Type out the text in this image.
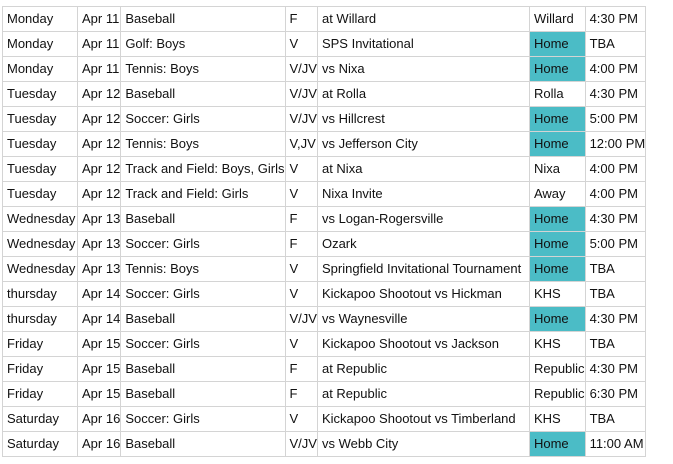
Monday	Apr 11	Baseball	F	at Willard	Willard	4:30 PM
Monday	Apr 11	Golf: Boys	V	SPS Invitational	Home	TBA
Monday	Apr 11	Tennis: Boys	V/JV	vs Nixa	Home	4:00 PM
Tuesday	Apr 12	Baseball	V/JV	at Rolla	Rolla	4:30 PM
Tuesday	Apr 12	Soccer: Girls	V/JV	vs Hillcrest	Home	5:00 PM
Tuesday	Apr 12	Tennis: Boys	V,JV	vs Jefferson City	Home	12:00 PM
Tuesday	Apr 12	Track and Field: Boys, Girls	V	at Nixa	Nixa	4:00 PM
Tuesday	Apr 12	Track and Field: Girls	V	Nixa Invite	Away	4:00 PM
Wednesday	Apr 13	Baseball	F	vs Logan-Rogersville	Home	4:30 PM
Wednesday	Apr 13	Soccer: Girls	F	Ozark	Home	5:00 PM
Wednesday	Apr 13	Tennis: Boys	V	Springfield Invitational Tournament	Home	TBA
thursday	Apr 14	Soccer: Girls	V	Kickapoo Shootout vs Hickman	KHS	TBA
thursday	Apr 14	Baseball	V/JV	vs Waynesville	Home	4:30 PM
Friday	Apr 15	Soccer: Girls	V	Kickapoo Shootout vs Jackson	KHS	TBA
Friday	Apr 15	Baseball	F	at Republic	Republic	4:30 PM
Friday	Apr 15	Baseball	F	at Republic	Republic	6:30 PM
Saturday	Apr 16	Soccer: Girls	V	Kickapoo Shootout vs Timberland	KHS	TBA
Saturday	Apr 16	Baseball	V/JV	vs Webb City	Home	11:00 AM
